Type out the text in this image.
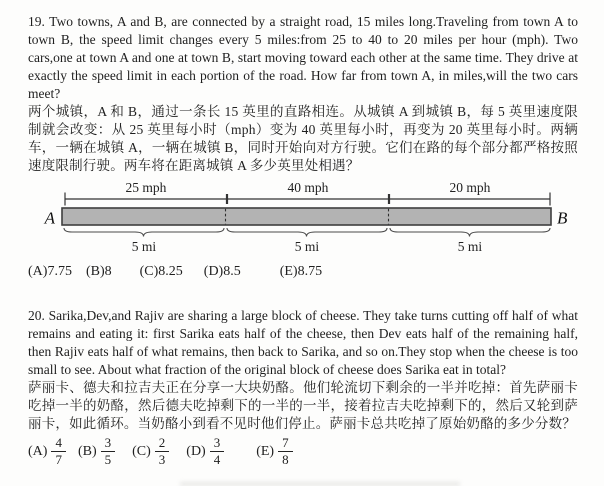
19. Two towns, A and B, are connected by a straight road, 15 miles long.Traveling from town A to town B, the speed limit changes every 5 miles:from 25 to 40 to 20 miles per hour (mph). Two cars,one at town A and one at town B, start moving toward each other at the same time. They drive at exactly the speed limit in each portion of the road. How far from town A, in miles,will the two cars meet?

两个城镇，A 和 B，通过一条长 15 英里的直路相连。从城镇 A 到城镇 B，每 5 英里速度限制就会改变：从 25 英里每小时（mph）变为 40 英里每小时，再变为 20 英里每小时。两辆车，一辆在城镇 A，一辆在城镇 B，同时开始向对方行驶。它们在路的每个部分都严格按照速度限制行驶。两车将在距离城镇 A 多少英里处相遇？

25 mph	40 mph	20 mph
A	B
5 mi	5 mi	5 mi
(A)7.75 (B)8 (C)8.25 (D)8.5	(E)8.75

20. Sarika,Dev,and Rajiv are sharing a large block of cheese. They take turns cutting off half of what remains and eating it: first Sarika eats half of the cheese, then Dev eats half of the remaining half, then Rajiv eats half of what remains, then back to Sarika, and so on.They stop when the cheese is too small to see. About what fraction of the original block of cheese does Sarika eat in total?

萨丽卡、德夫和拉吉夫正在分享一大块奶酪。他们轮流切下剩余的一半并吃掉：首先萨丽卡吃掉一半的奶酪，然后德夫吃掉剩下的一半的一半，接着拉吉夫吃掉剩下的，然后又轮到萨丽卡，如此循环。当奶酪小到看不见时他们停止。萨丽卡总共吃掉了原始奶酪的多少分数？

$(A) \frac{4}{7} (B) \frac{3}{5} (C) \frac{2}{3} (D) \frac{3}{4} (E) \frac{7}{8}$
